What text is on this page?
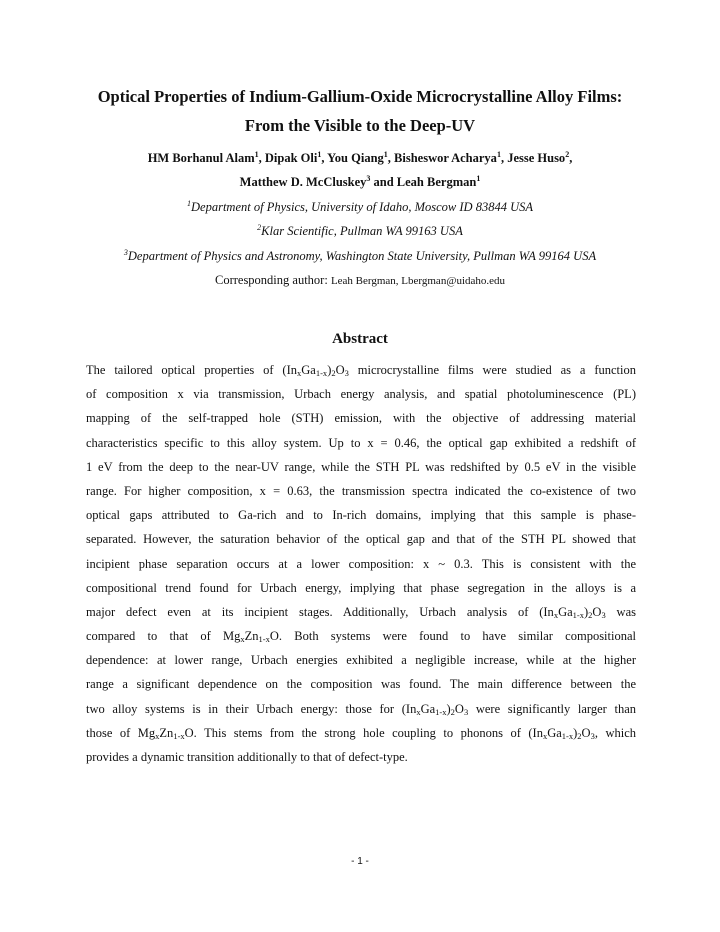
Optical Properties of Indium-Gallium-Oxide Microcrystalline Alloy Films:
From the Visible to the Deep-UV
HM Borhanul Alam$^1$, Dipak Oli$^1$, You Qiang$^1$, Bisheswor Acharya$^1$, Jesse Huso$^2$,
Matthew D. McCluskey$^3$ and Leah Bergman$^1$
$^1$Department of Physics, University of Idaho, Moscow ID 83844 USA
$^2$Klar Scientific, Pullman WA 99163 USA
$^3$Department of Physics and Astronomy, Washington State University, Pullman WA 99164 USA
Corresponding author: Leah Bergman, Lbergman@uidaho.edu
Abstract
The tailored optical properties of $(In_xGa_{1-x})_2O_3$ microcrystalline films were studied as a function
of composition x via transmission, Urbach energy analysis, and spatial photoluminescence (PL)
mapping of the self-trapped hole (STH) emission, with the objective of addressing material
characteristics specific to this alloy system. Up to x = 0.46, the optical gap exhibited a redshift of
1 eV from the deep to the near-UV range, while the STH PL was redshifted by 0.5 eV in the visible
range. For higher composition, x = 0.63, the transmission spectra indicated the co-existence of two
optical gaps attributed to Ga-rich and to In-rich domains, implying that this sample is phase-
separated. However, the saturation behavior of the optical gap and that of the STH PL showed that
incipient phase separation occurs at a lower composition: x ~ 0.3. This is consistent with the
compositional trend found for Urbach energy, implying that phase segregation in the alloys is a
major defect even at its incipient stages. Additionally, Urbach analysis of $(In_xGa_{1-x})_2O_3$ was
compared to that of $Mg_xZn_{1-x}O$. Both systems were found to have similar compositional
dependence: at lower range, Urbach energies exhibited a negligible increase, while at the higher
range a significant dependence on the composition was found. The main difference between the
two alloy systems is in their Urbach energy: those for $(In_xGa_{1-x})_2O_3$ were significantly larger than
those of $Mg_xZn_{1-x}O$. This stems from the strong hole coupling to phonons of $(In_xGa_{1-x})_2O_3$, which
provides a dynamic transition additionally to that of defect-type.
- 1 -
